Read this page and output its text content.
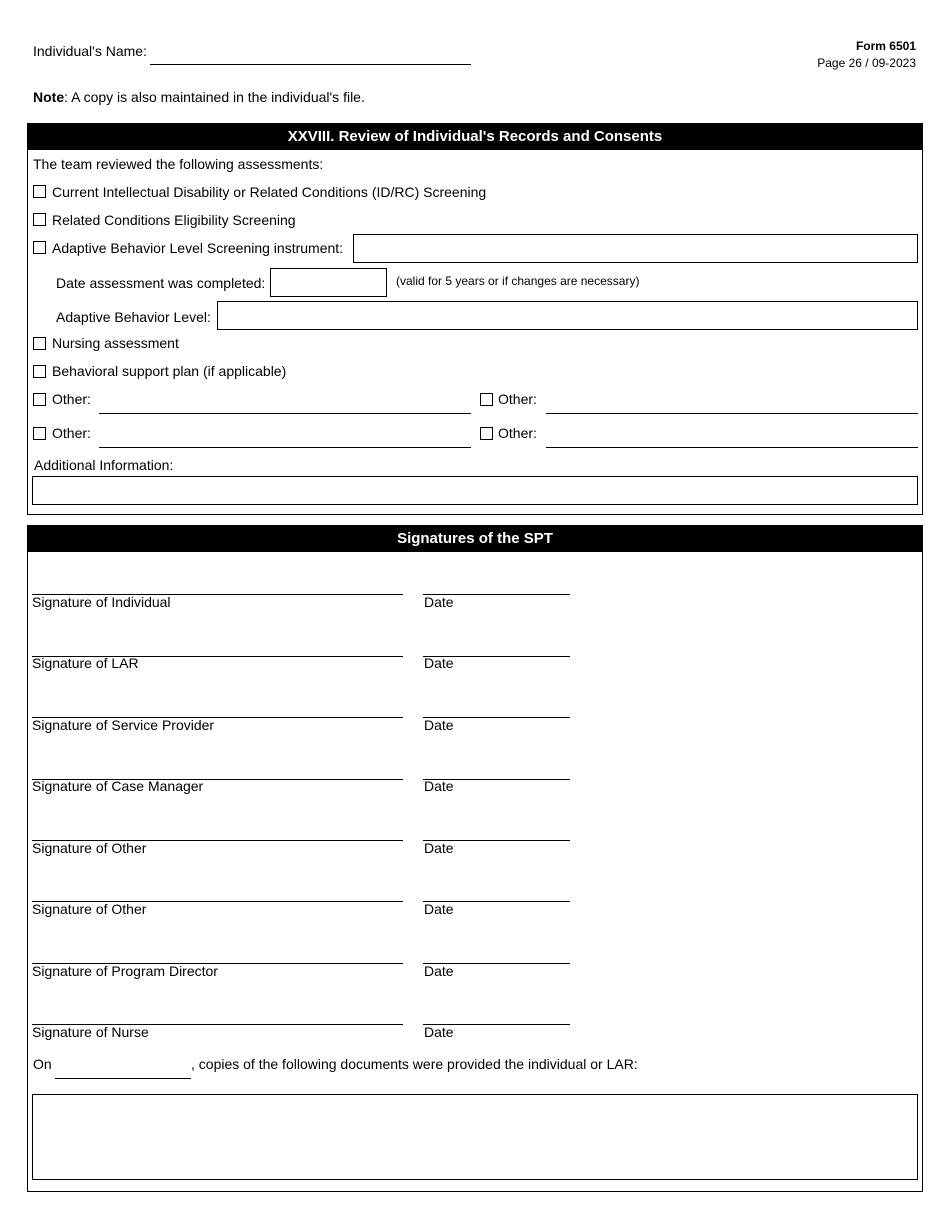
Individual's Name:	Form 6501
Page 26 / 09-2023
Note: A copy is also maintained in the individual's file.
XXVIII. Review of Individual's Records and Consents
The team reviewed the following assessments:
Current Intellectual Disability or Related Conditions (ID/RC) Screening
Related Conditions Eligibility Screening
Adaptive Behavior Level Screening instrument:
Date assessment was completed:	(valid for 5 years or if changes are necessary)
Adaptive Behavior Level:
Nursing assessment
Behavioral support plan (if applicable)
Other:	Other:
Other:	Other:
Additional Information:
Signatures of the SPT
Signature of Individual	Date
Signature of LAR	Date
Signature of Service Provider	Date
Signature of Case Manager	Date
Signature of Other	Date
Signature of Other	Date
Signature of Program Director	Date
Signature of Nurse	Date
On	, copies of the following documents were provided the individual or LAR:
